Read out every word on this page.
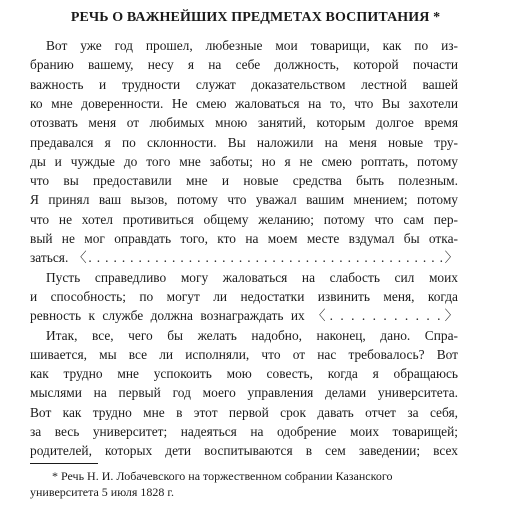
РЕЧЬ О ВАЖНЕЙШИХ ПРЕДМЕТАХ ВОСПИТАНИЯ *
Вот уже год прошел, любезные мои товарищи, как по из-
бранию вашему, несу я на себе должность, которой почасти
важность и трудности служат доказательством лестной вашей
ко мне доверенности. Не смею жаловаться на то, что Вы захотели
отозвать меня от любимых мною занятий, которым долгое время
предавался я по склонности. Вы наложили на меня новые тру-
ды и чуждые до того мне заботы; но я не смею роптать, потому
что вы предоставили мне и новые средства быть полезным.
Я принял ваш вызов, потому что уважал вашим мнением; потому
что не хотел противиться общему желанию; потому что сам пер-
вый не мог оправдать того, кто на моем месте вздумал бы отка-
заться. 〈. . . . . . . . . . . . . . . . . . . . . . . . . . . . . . . . . . . . . . . . . . .〉
Пусть справедливо могу жаловаться на слабость сил моих
и способность; по могут ли недостатки извинить меня, когда
ревность к службе должна вознаграждать их 〈. . . . . . . . . . .〉
Итак, все, чего бы желать надобно, наконец, дано. Спра-
шивается, мы все ли исполняли, что от нас требовалось? Вот
как трудно мне успокоить мою совесть, когда я обращаюсь
мыслями на первый год моего управления делами университета.
Вот как трудно мне в этот первой срок давать отчет за себя,
за весь университет; надеяться на одобрение моих товарищей;
родителей, которых дети воспитываются в сем заведении; всех
* Речь Н. И. Лобачевского на торжественном собрании Казанского
университета 5 июля 1828 г.
